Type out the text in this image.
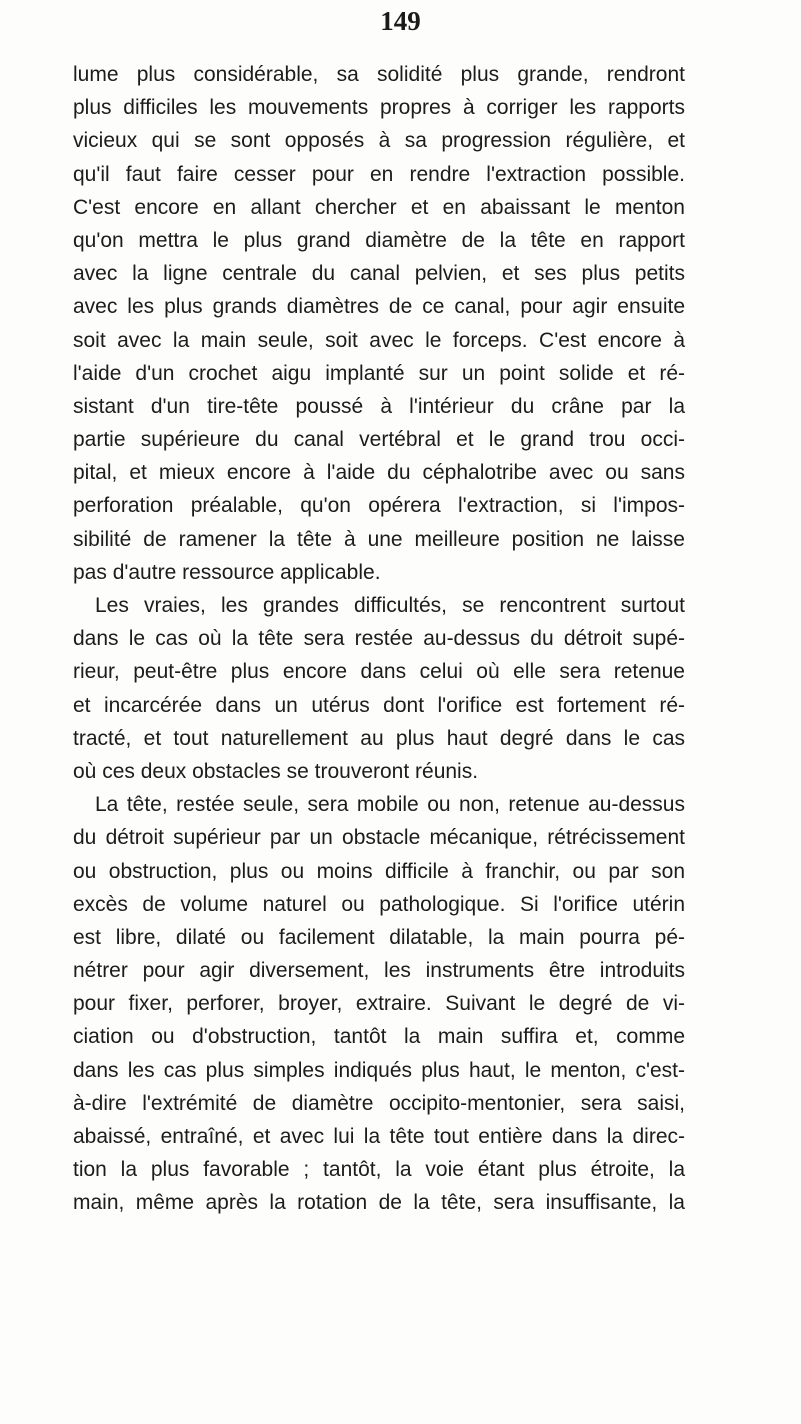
149
lume plus considérable, sa solidité plus grande, rendront
plus difficiles les mouvements propres à corriger les rapports
vicieux qui se sont opposés à sa progression régulière, et
qu'il faut faire cesser pour en rendre l'extraction possible.
C'est encore en allant chercher et en abaissant le menton
qu'on mettra le plus grand diamètre de la tête en rapport
avec la ligne centrale du canal pelvien, et ses plus petits
avec les plus grands diamètres de ce canal, pour agir ensuite
soit avec la main seule, soit avec le forceps. C'est encore à
l'aide d'un crochet aigu implanté sur un point solide et ré-
sistant d'un tire-tête poussé à l'intérieur du crâne par la
partie supérieure du canal vertébral et le grand trou occi-
pital, et mieux encore à l'aide du céphalotribe avec ou sans
perforation préalable, qu'on opérera l'extraction, si l'impos-
sibilité de ramener la tête à une meilleure position ne laisse
pas d'autre ressource applicable.
Les vraies, les grandes difficultés, se rencontrent surtout
dans le cas où la tête sera restée au-dessus du détroit supé-
rieur, peut-être plus encore dans celui où elle sera retenue
et incarcérée dans un utérus dont l'orifice est fortement ré-
tracté, et tout naturellement au plus haut degré dans le cas
où ces deux obstacles se trouveront réunis.
La tête, restée seule, sera mobile ou non, retenue au-dessus
du détroit supérieur par un obstacle mécanique, rétrécissement
ou obstruction, plus ou moins difficile à franchir, ou par son
excès de volume naturel ou pathologique. Si l'orifice utérin
est libre, dilaté ou facilement dilatable, la main pourra pé-
nétrer pour agir diversement, les instruments être introduits
pour fixer, perforer, broyer, extraire. Suivant le degré de vi-
ciation ou d'obstruction, tantôt la main suffira et, comme
dans les cas plus simples indiqués plus haut, le menton, c'est-
à-dire l'extrémité de diamètre occipito-mentonier, sera saisi,
abaissé, entraîné, et avec lui la tête tout entière dans la direc-
tion la plus favorable ; tantôt, la voie étant plus étroite, la
main, même après la rotation de la tête, sera insuffisante, la
